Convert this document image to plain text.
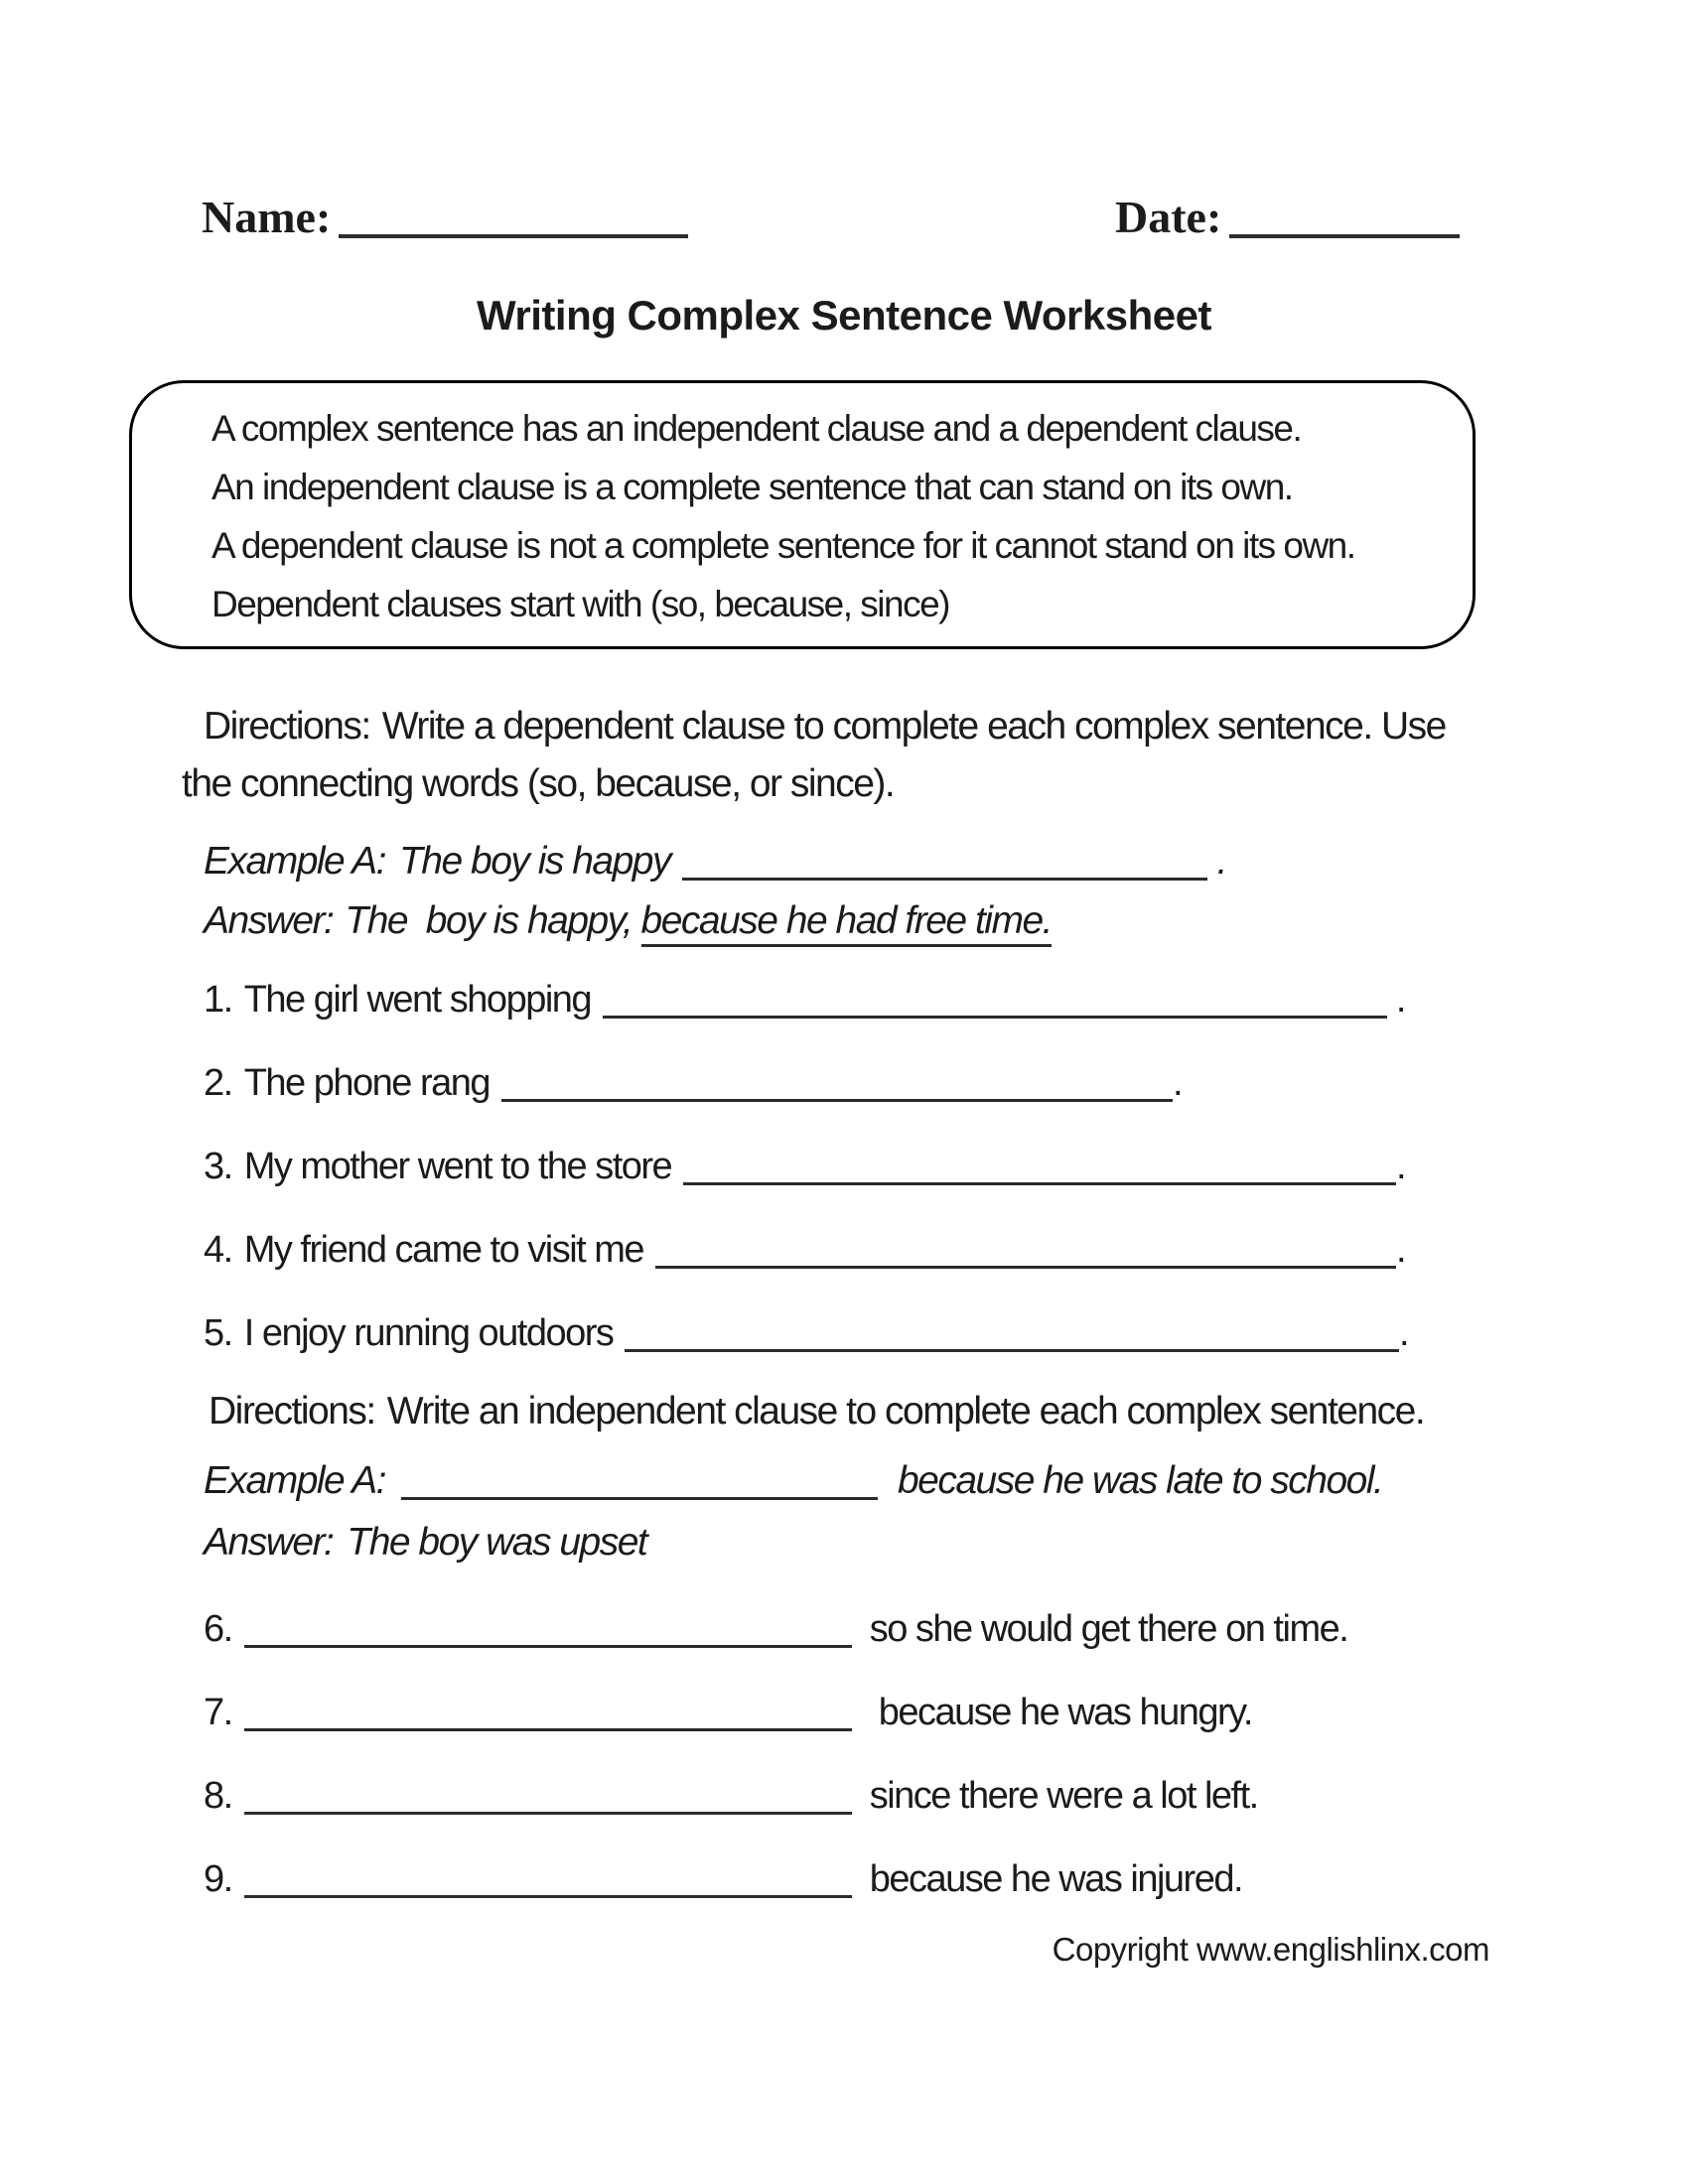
Name:	Date:
Writing Complex Sentence Worksheet
A complex sentence has an independent clause and a dependent clause.
An independent clause is a complete sentence that can stand on its own.
A dependent clause is not a complete sentence for it cannot stand on its own.
Dependent clauses start with (so, because, since)
Directions: Write a dependent clause to complete each complex sentence. Use
the connecting words (so, because, or since).
Example A: The boy is happy	.
Answer: The  boy is happy, because he had free time.
1. The girl went shopping	.
2. The phone rang	.
3. My mother went to the store	.
4. My friend came to visit me	.
5. I enjoy running outdoors	.
Directions: Write an independent clause to complete each complex sentence.
Example A:	because he was late to school.
Answer: The boy was upset
6.	so she would get there on time.
7.	because he was hungry.
8.	since there were a lot left.
9.	because he was injured.
Copyright www.englishlinx.com
